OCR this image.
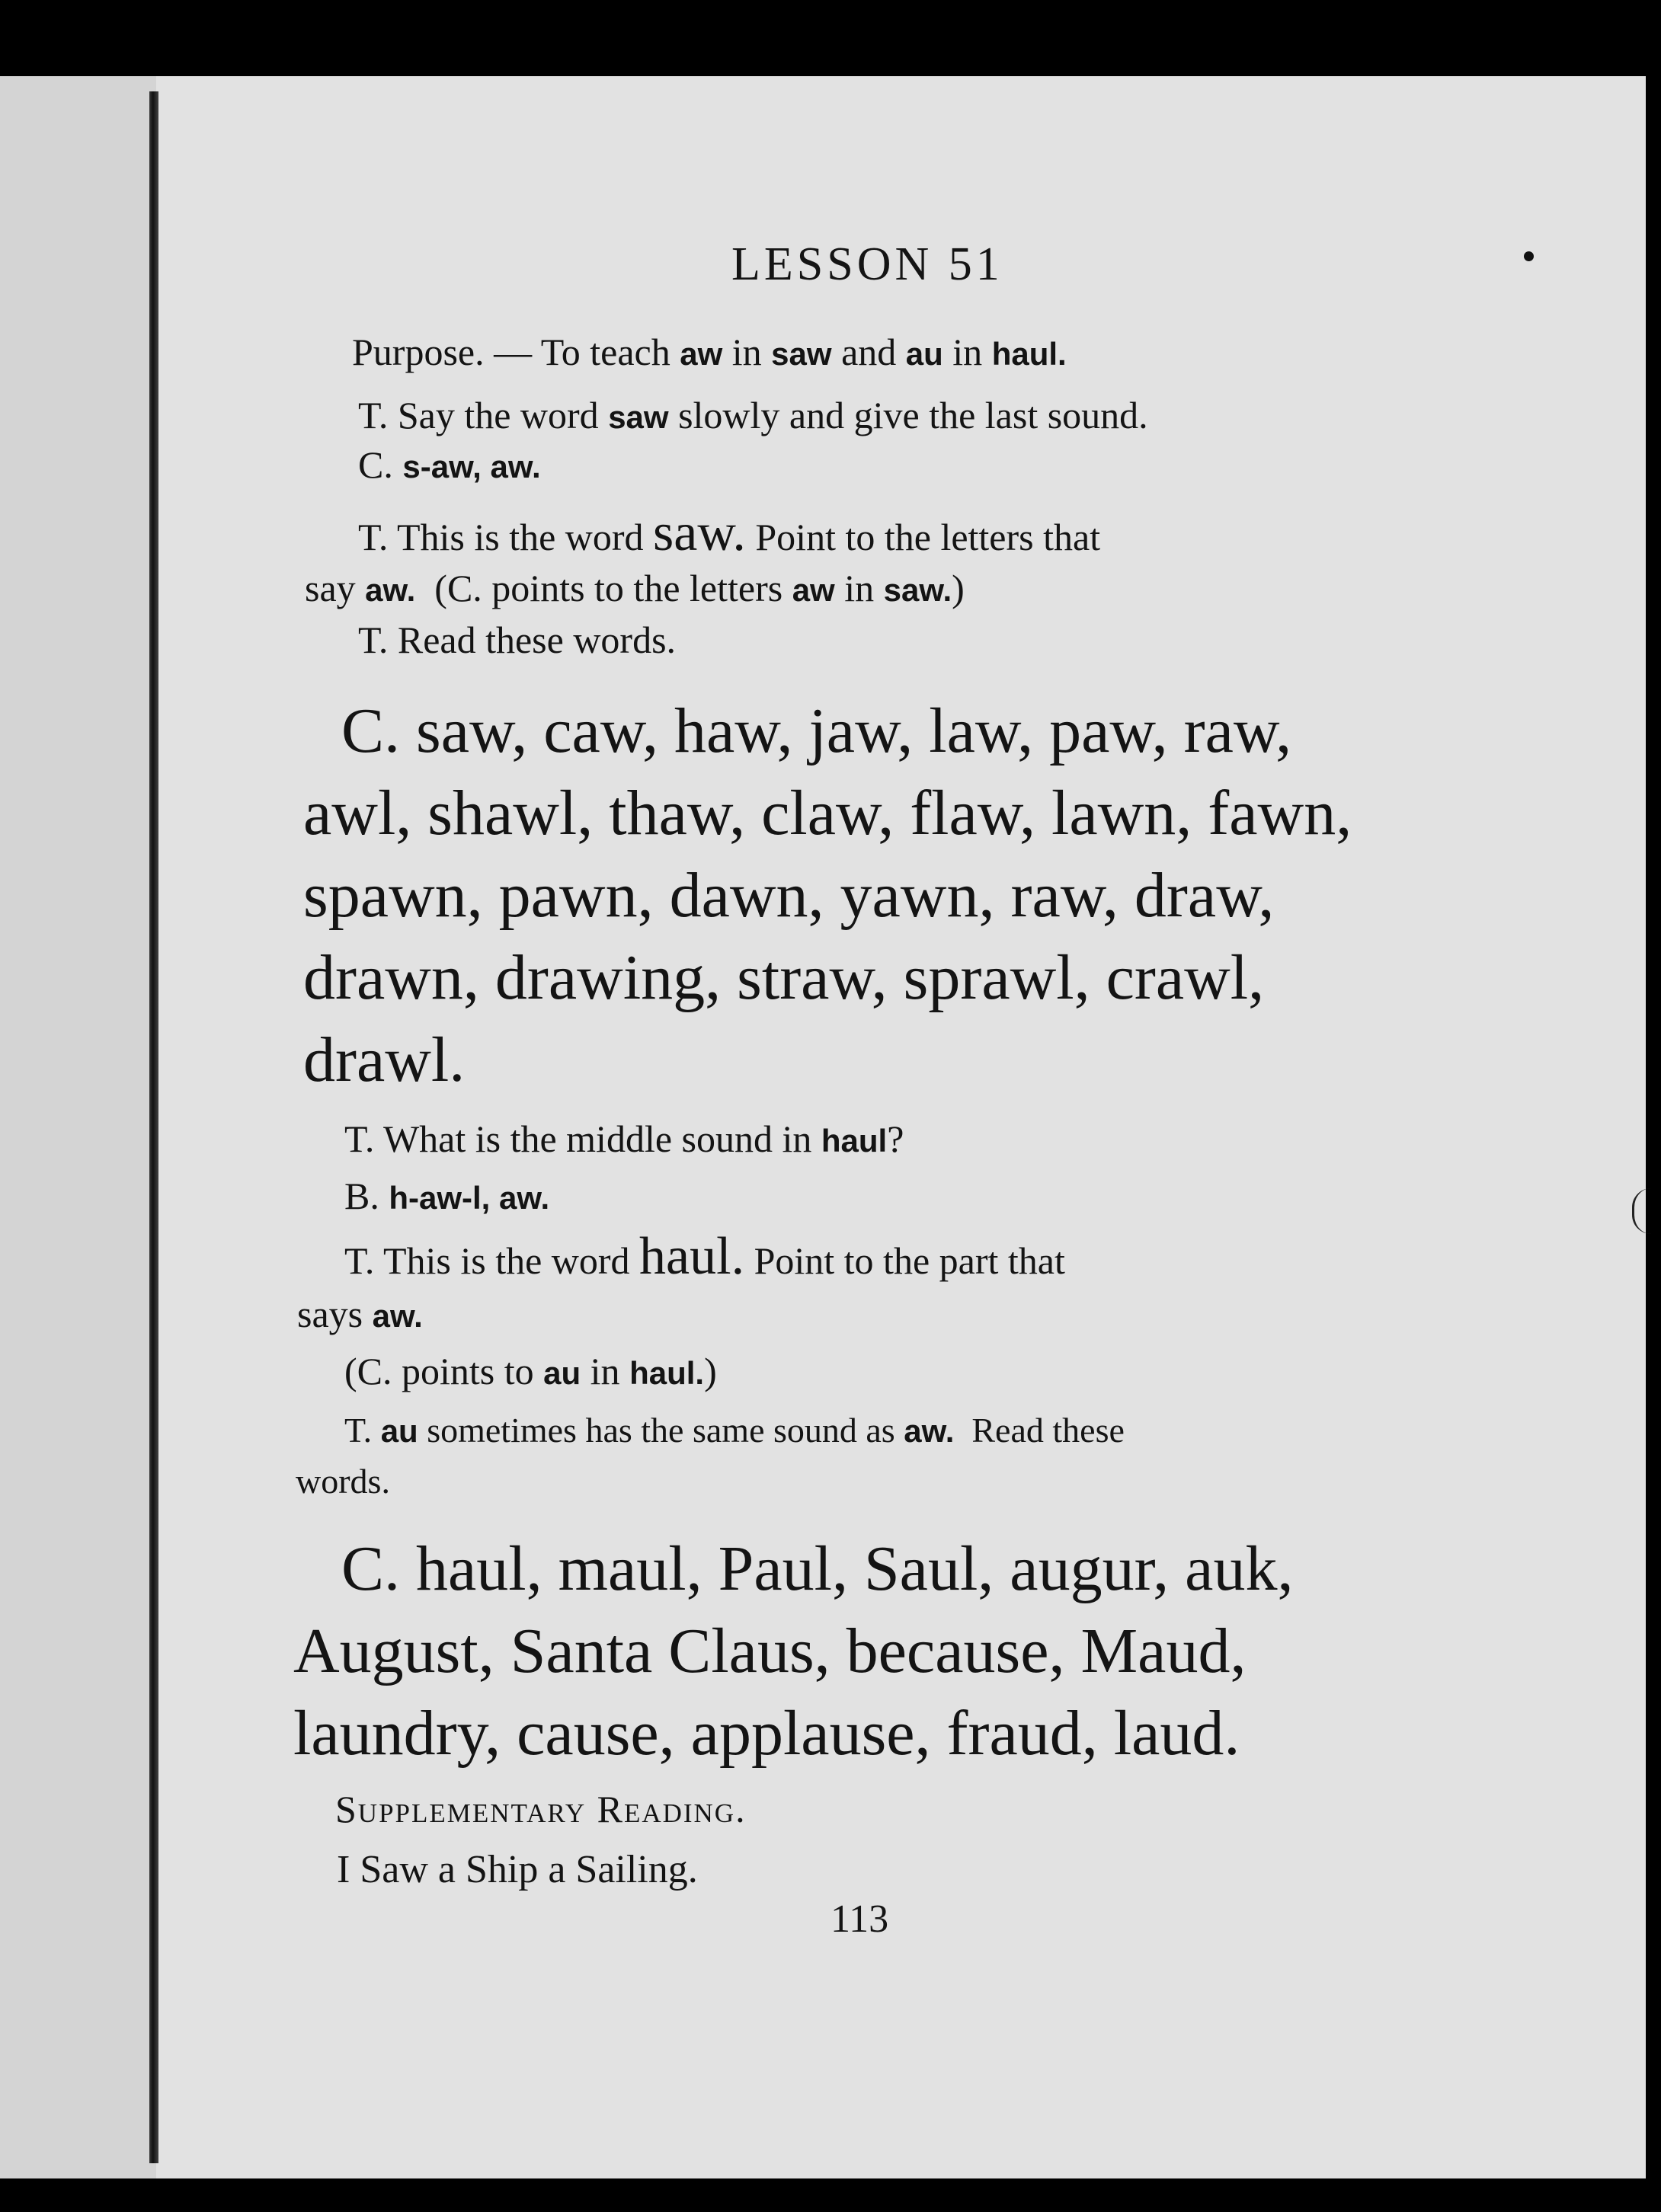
LESSON 51
Purpose. — To teach aw in saw and au in haul.
T. Say the word saw slowly and give the last sound.
C. s-aw, aw.
T. This is the word saw. Point to the letters that
say aw. (C. points to the letters aw in saw.)
T. Read these words.
C. saw, caw, haw, jaw, law, paw, raw,
awl, shawl, thaw, claw, flaw, lawn, fawn,
spawn, pawn, dawn, yawn, raw, draw,
drawn, drawing, straw, sprawl, crawl,
drawl.
T. What is the middle sound in haul?
B. h-aw-l, aw.
T. This is the word haul. Point to the part that
says aw.
(C. points to au in haul.)
T. au sometimes has the same sound as aw. Read these
words.
C. haul, maul, Paul, Saul, augur, auk,
August, Santa Claus, because, Maud,
laundry, cause, applause, fraud, laud.
Supplementary Reading.
I Saw a Ship a Sailing.
113
